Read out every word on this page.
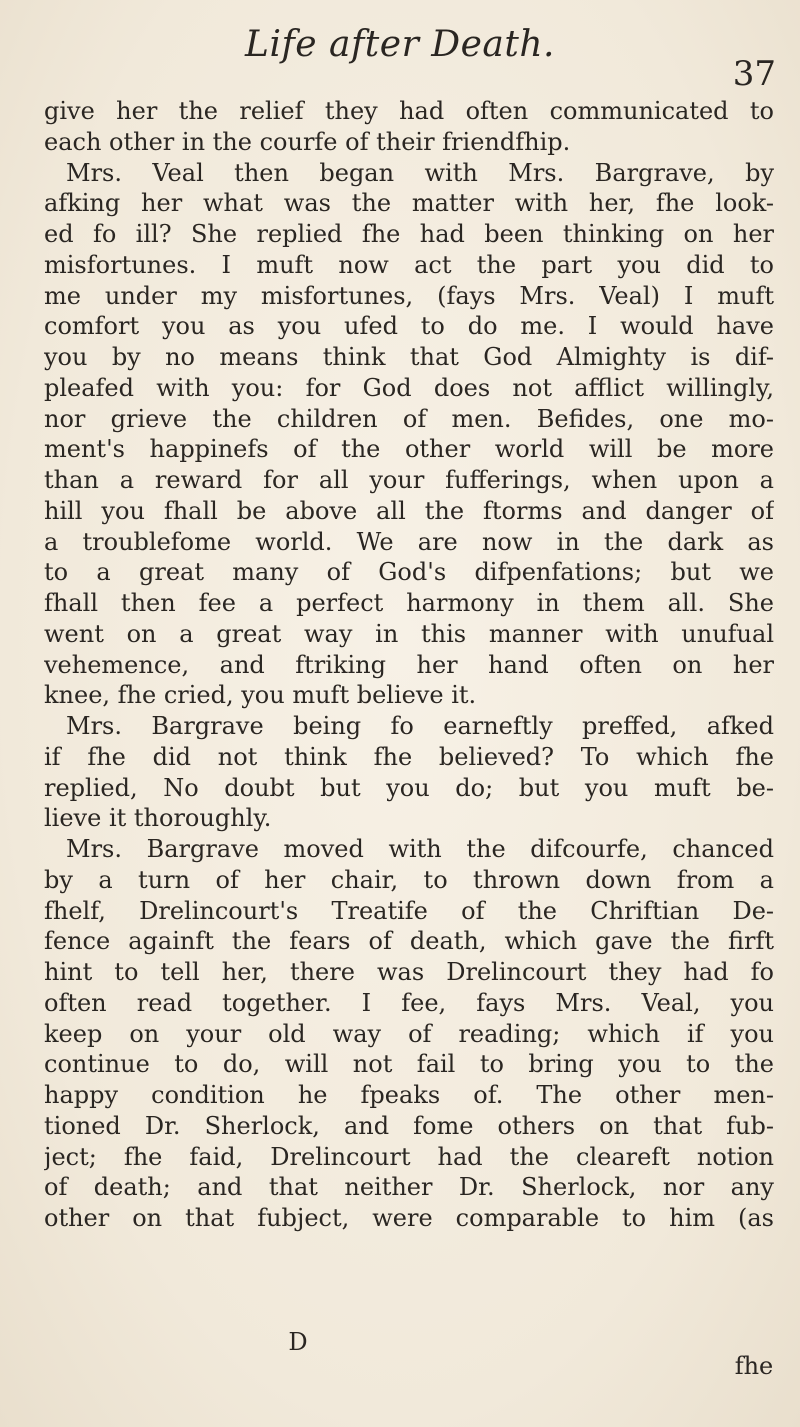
Life after Death.
37
give her the relief they had often communicated to
each other in the courfe of their friendfhip.
Mrs. Veal then began with Mrs. Bargrave, by
afking her what was the matter with her, fhe look-
ed fo ill? She replied fhe had been thinking on her
misfortunes. I muft now act the part you did to
me under my misfortunes, (fays Mrs. Veal) I muft
comfort you as you ufed to do me. I would have
you by no means think that God Almighty is dif-
pleafed with you: for God does not afflict willingly,
nor grieve the children of men. Befides, one mo-
ment's happinefs of the other world will be more
than a reward for all your fufferings, when upon a
hill you fhall be above all the ftorms and danger of
a troublefome world. We are now in the dark as
to a great many of God's difpenfations; but we
fhall then fee a perfect harmony in them all. She
went on a great way in this manner with unufual
vehemence, and ftriking her hand often on her
knee, fhe cried, you muft believe it.
Mrs. Bargrave being fo earneftly preffed, afked
if fhe did not think fhe believed? To which fhe
replied, No doubt but you do; but you muft be-
lieve it thoroughly.
Mrs. Bargrave moved with the difcourfe, chanced
by a turn of her chair, to thrown down from a
fhelf, Drelincourt's Treatife of the Chriftian De-
fence againft the fears of death, which gave the firft
hint to tell her, there was Drelincourt they had fo
often read together. I fee, fays Mrs. Veal, you
keep on your old way of reading; which if you
continue to do, will not fail to bring you to the
happy condition he fpeaks of. The other men-
tioned Dr. Sherlock, and fome others on that fub-
ject; fhe faid, Drelincourt had the cleareft notion
of death; and that neither Dr. Sherlock, nor any
other on that fubject, were comparable to him (as
D
fhe
